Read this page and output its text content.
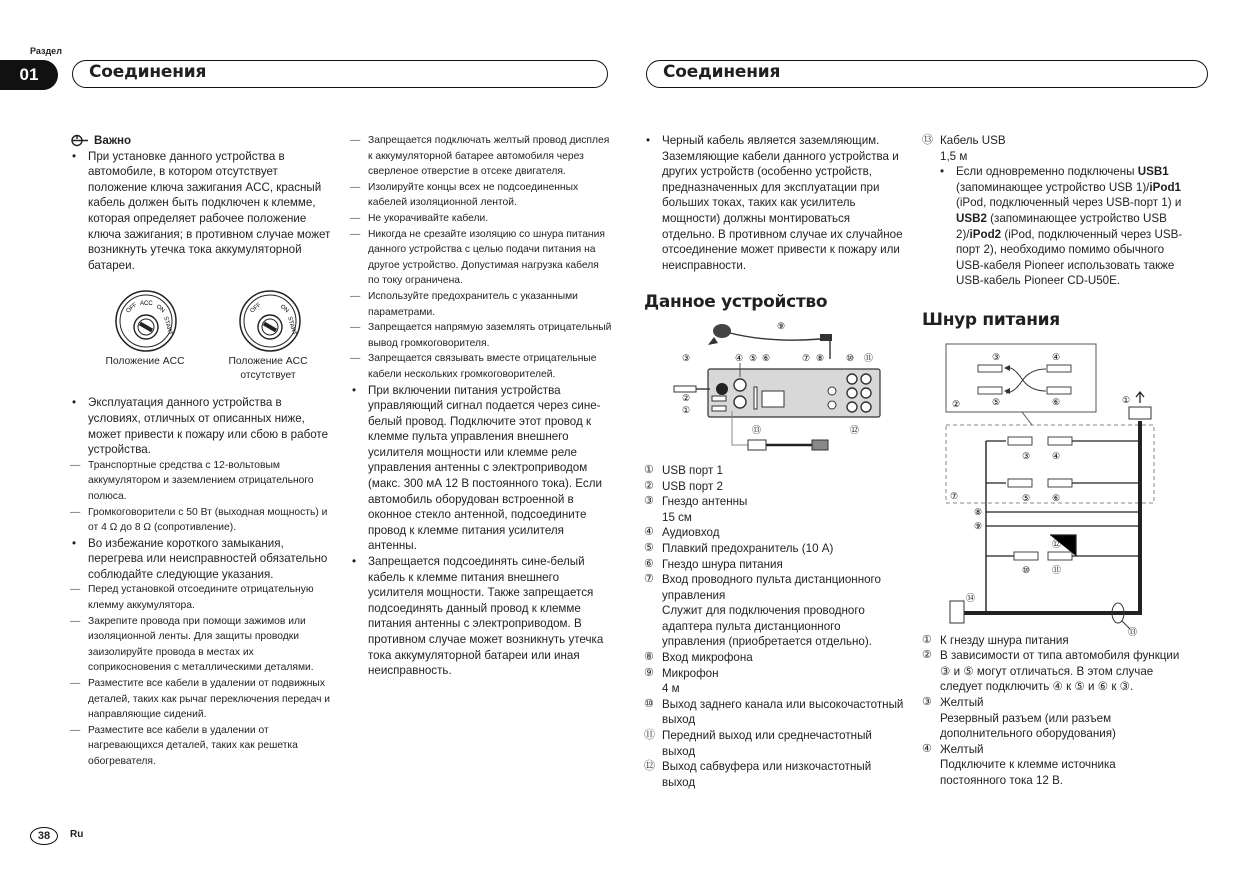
Раздел
01	Соединения	Соединения
Важно

• При установке данного устройства в автомобиле, в котором отсутствует положение ключа зажигания ACC, красный кабель должен быть подключен к клемме, которая определяет рабочее положение ключа зажигания; в противном случае может возникнуть утечка тока аккумуляторной батареи.

OFF ACC ON
START
OFF	ON
START
Положение ACC	Положение ACC отсутствует

• Эксплуатация данного устройства в условиях, отличных от описанных ниже, может привести к пожару или сбою в работе устройства.

— Транспортные средства с 12-вольтовым аккумулятором и заземлением отрицательного полюса.

— Громкоговорители с 50 Вт (выходная мощность) и от 4 Ω до 8 Ω (сопротивление).

• Во избежание короткого замыкания, перегрева или неисправностей обязательно соблюдайте следующие указания.

— Перед установкой отсоедините отрицательную клемму аккумулятора.

— Закрепите провода при помощи зажимов или изоляционной ленты. Для защиты проводки заизолируйте провода в местах их соприкосновения с металлическими деталями.

— Разместите все кабели в удалении от подвижных деталей, таких как рычаг переключения передач и направляющие сидений.

— Разместите все кабели в удалении от нагревающихся деталей, таких как решетка обогревателя.

— Запрещается подключать желтый провод дисплея к аккумуляторной батарее автомобиля через сверленое отверстие в отсеке двигателя.

— Изолируйте концы всех не подсоединенных кабелей изоляционной лентой.

— Не укорачивайте кабели.

— Никогда не срезайте изоляцию со шнура питания данного устройства с целью подачи питания на другое устройство. Допустимая нагрузка кабеля по току ограничена.

— Используйте предохранитель с указанными параметрами.

— Запрещается напрямую заземлять отрицательный вывод громкоговорителя.

— Запрещается связывать вместе отрицательные кабели нескольких громкоговорителей.

• При включении питания устройства управляющий сигнал подается через сине-белый провод. Подключите этот провод к клемме пульта управления внешнего усилителя мощности или клемме реле управления антенны с электроприводом (макс. 300 мА 12 В постоянного тока). Если автомобиль оборудован встроенной в оконное стекло антенной, подсоедините провод к клемме питания усилителя антенны.

• Запрещается подсоединять сине-белый кабель к клемме питания внешнего усилителя мощности. Также запрещается подсоединять данный провод к клемме питания антенны с электроприводом. В противном случае может возникнуть утечка тока аккумуляторной батареи или иная неисправность.

• Черный кабель является заземляющим. Заземляющие кабели данного устройства и других устройств (особенно устройств, предназначенных для эксплуатации при больших токах, таких как усилитель мощности) должны монтироваться отдельно. В противном случае их случайное отсоединение может привести к пожару или неисправности.

Данное устройство
⑨
③	④
②
①
⑤ ⑥	⑦ ⑧ ⑩ ⑪
⑫
⑬

① USB порт 1

② USB порт 2

③ Гнездо антенны
15 см

④ Аудиовход

⑤ Плавкий предохранитель (10 А)

⑥ Гнездо шнура питания

⑦ Вход проводного пульта дистанционного управления
Служит для подключения проводного адаптера пульта дистанционного управления (приобретается отдельно).

⑧ Вход микрофона

⑨ Микрофон
4 м

⑩ Выход заднего канала или высокочастотный выход

⑪ Передний выход или среднечастотный выход

⑫ Выход сабвуфера или низкочастотный выход

⑬ Кабель USB
1,5 м

• Если одновременно подключены USB1 (запоминающее устройство USB 1)/iPod1 (iPod, подключенный через USB-порт 1) и USB2 (запоминающее устройство USB 2)/iPod2 (iPod, подключенный через USB-порт 2), необходимо помимо обычного USB-кабеля Pioneer использовать также USB-кабель Pioneer CD-U50E.

Шнур питания
③	④
②	⑤	⑥
⑦
①
⑭
⑬
③ ④
⑤ ⑥
⑧
⑨
⑫
⑩ ⑪

① К гнезду шнура питания

② В зависимости от типа автомобиля функции ③ и ⑤ могут отличаться. В этом случае следует подключить ④ к ⑤ и ⑥ к ③.

③ Желтый
Резервный разъем (или разъем дополнительного оборудования)

④ Желтый
Подключите к клемме источника постоянного тока 12 В.

38	Ru
